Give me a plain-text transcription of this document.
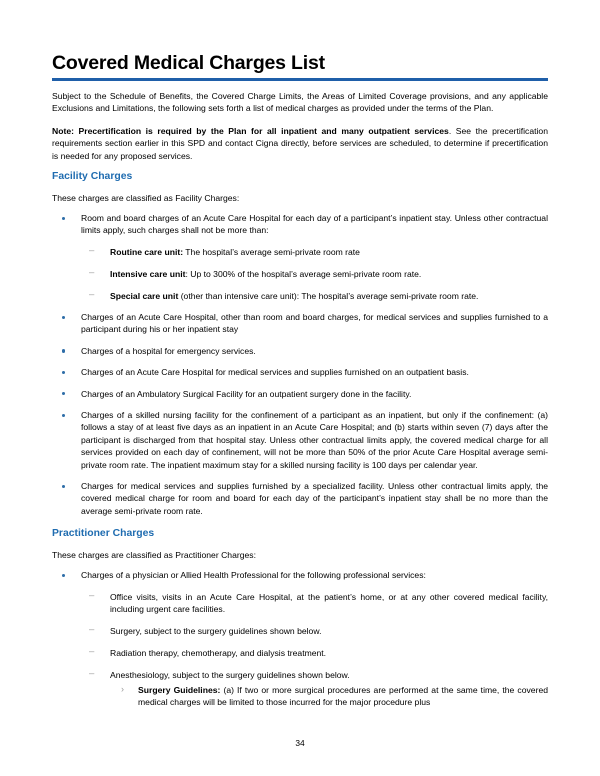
Covered Medical Charges List

Subject to the Schedule of Benefits, the Covered Charge Limits, the Areas of Limited Coverage provisions, and any applicable Exclusions and Limitations, the following sets forth a list of medical charges as provided under the terms of the Plan.

Note: Precertification is required by the Plan for all inpatient and many outpatient services. See the precertification requirements section earlier in this SPD and contact Cigna directly, before services are scheduled, to determine if precertification is needed for any proposed services.

Facility Charges

These charges are classified as Facility Charges:

Room and board charges of an Acute Care Hospital for each day of a participant’s inpatient stay. Unless other contractual limits apply, such charges shall not be more than:
– Routine care unit: The hospital’s average semi-private room rate
– Intensive care unit: Up to 300% of the hospital’s average semi-private room rate.
– Special care unit (other than intensive care unit): The hospital’s average semi-private room rate.
Charges of an Acute Care Hospital, other than room and board charges, for medical services and supplies furnished to a participant during his or her inpatient stay
Charges of a hospital for emergency services.
Charges of an Acute Care Hospital for medical services and supplies furnished on an outpatient basis.
Charges of an Ambulatory Surgical Facility for an outpatient surgery done in the facility.
Charges of a skilled nursing facility for the confinement of a participant as an inpatient, but only if the confinement: (a) follows a stay of at least five days as an inpatient in an Acute Care Hospital; and (b) starts within seven (7) days after the participant is discharged from that hospital stay. Unless other contractual limits apply, the covered medical charge for all services provided on each day of confinement, will not be more than 50% of the prior Acute Care Hospital average semi-private room rate. The inpatient maximum stay for a skilled nursing facility is 100 days per calendar year.
Charges for medical services and supplies furnished by a specialized facility. Unless other contractual limits apply, the covered medical charge for room and board for each day of the participant’s inpatient stay shall be no more than the average semi-private room rate.
Practitioner Charges

These charges are classified as Practitioner Charges:

Charges of a physician or Allied Health Professional for the following professional services:
– Office visits, visits in an Acute Care Hospital, at the patient’s home, or at any other covered medical facility, including urgent care facilities.
– Surgery, subject to the surgery guidelines shown below.
– Radiation therapy, chemotherapy, and dialysis treatment.
– Anesthesiology, subject to the surgery guidelines shown below.
› Surgery Guidelines: (a) If two or more surgical procedures are performed at the same time, the covered medical charges will be limited to those incurred for the major procedure plus
34
